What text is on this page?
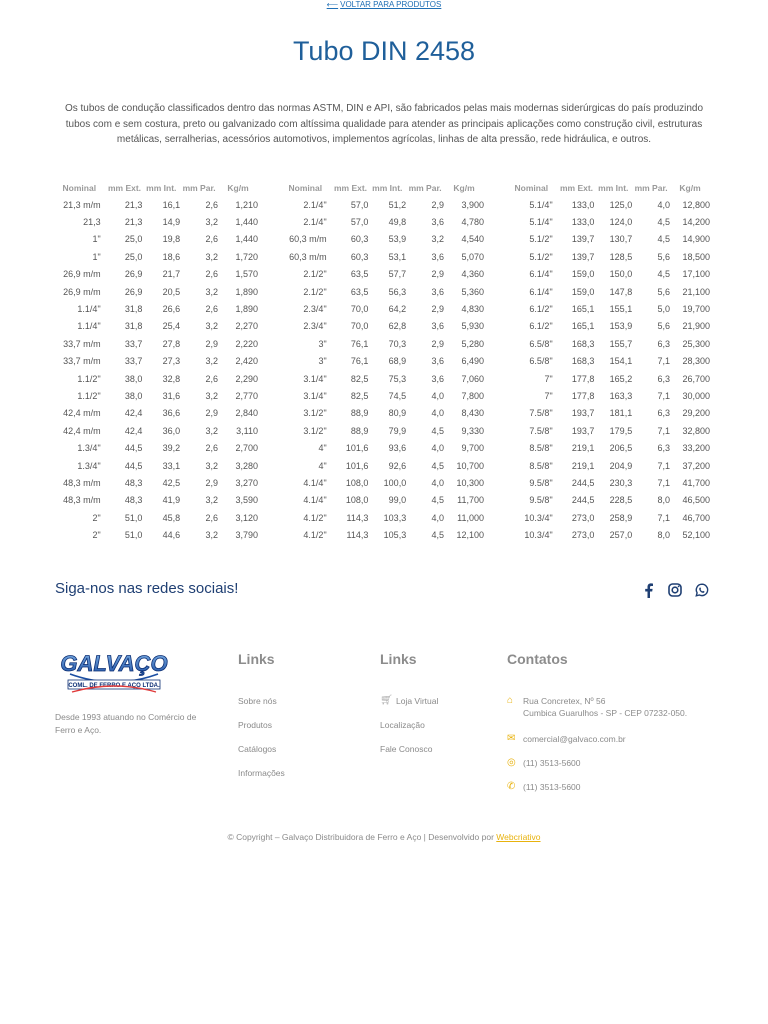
⟵ VOLTAR PARA PRODUTOS
Tubo DIN 2458

Os tubos de condução classificados dentro das normas ASTM, DIN e API, são fabricados pelas mais modernas siderúrgicas do país produzindo tubos com e sem costura, preto ou galvanizado com altíssima qualidade para atender as principais aplicações como construção civil, estruturas metálicas, serralherias, acessórios automotivos, implementos agrícolas, linhas de alta pressão, rede hidráulica, e outros.

Nominal	mm Ext.	mm Int.	mm Par.	Kg/m
21,3 m/m	21,3	16,1	2,6	1,210
21,3	21,3	14,9	3,2	1,440
1"	25,0	19,8	2,6	1,440
1"	25,0	18,6	3,2	1,720
26,9 m/m	26,9	21,7	2,6	1,570
26,9 m/m	26,9	20,5	3,2	1,890
1.1/4"	31,8	26,6	2,6	1,890
1.1/4"	31,8	25,4	3,2	2,270
33,7 m/m	33,7	27,8	2,9	2,220
33,7 m/m	33,7	27,3	3,2	2,420
1.1/2"	38,0	32,8	2,6	2,290
1.1/2"	38,0	31,6	3,2	2,770
42,4 m/m	42,4	36,6	2,9	2,840
42,4 m/m	42,4	36,0	3,2	3,110
1.3/4"	44,5	39,2	2,6	2,700
1.3/4"	44,5	33,1	3,2	3,280
48,3 m/m	48,3	42,5	2,9	3,270
48,3 m/m	48,3	41,9	3,2	3,590
2"	51,0	45,8	2,6	3,120
2"	51,0	44,6	3,2	3,790
Nominal	mm Ext.	mm Int.	mm Par.	Kg/m
2.1/4"	57,0	51,2	2,9	3,900
2.1/4"	57,0	49,8	3,6	4,780
60,3 m/m	60,3	53,9	3,2	4,540
60,3 m/m	60,3	53,1	3,6	5,070
2.1/2"	63,5	57,7	2,9	4,360
2.1/2"	63,5	56,3	3,6	5,360
2.3/4"	70,0	64,2	2,9	4,830
2.3/4"	70,0	62,8	3,6	5,930
3"	76,1	70,3	2,9	5,280
3"	76,1	68,9	3,6	6,490
3.1/4"	82,5	75,3	3,6	7,060
3.1/4"	82,5	74,5	4,0	7,800
3.1/2"	88,9	80,9	4,0	8,430
3.1/2"	88,9	79,9	4,5	9,330
4"	101,6	93,6	4,0	9,700
4"	101,6	92,6	4,5	10,700
4.1/4"	108,0	100,0	4,0	10,300
4.1/4"	108,0	99,0	4,5	11,700
4.1/2"	114,3	103,3	4,0	11,000
4.1/2"	114,3	105,3	4,5	12,100
Nominal	mm Ext.	mm Int.	mm Par.	Kg/m
5.1/4"	133,0	125,0	4,0	12,800
5.1/4"	133,0	124,0	4,5	14,200
5.1/2"	139,7	130,7	4,5	14,900
5.1/2"	139,7	128,5	5,6	18,500
6.1/4"	159,0	150,0	4,5	17,100
6.1/4"	159,0	147,8	5,6	21,100
6.1/2"	165,1	155,1	5,0	19,700
6.1/2"	165,1	153,9	5,6	21,900
6.5/8"	168,3	155,7	6,3	25,300
6.5/8"	168,3	154,1	7,1	28,300
7"	177,8	165,2	6,3	26,700
7"	177,8	163,3	7,1	30,000
7.5/8"	193,7	181,1	6,3	29,200
7.5/8"	193,7	179,5	7,1	32,800
8.5/8"	219,1	206,5	6,3	33,200
8.5/8"	219,1	204,9	7,1	37,200
9.5/8"	244,5	230,3	7,1	41,700
9.5/8"	244,5	228,5	8,0	46,500
10.3/4"	273,0	258,9	7,1	46,700
10.3/4"	273,0	257,0	8,0	52,100
Siga-nos nas redes sociais!
GALVAÇO
COML. DE FERRO E AÇO LTDA.

Desde 1993 atuando no Comércio de Ferro e Aço.

Links
Sobre nós
Produtos
Catálogos
Informações
Links
🛒︎ Loja Virtual
Localização
Fale Conosco
Contatos
⌂	Rua Concretex, Nº 56
Cumbica Guarulhos - SP - CEP 07232-050.
✉ comercial@galvaco.com.br
◎ (11) 3513-5600
✆ (11) 3513-5600
© Copyright – Galvaço Distribuidora de Ferro e Aço | Desenvolvido por Webcriativo
